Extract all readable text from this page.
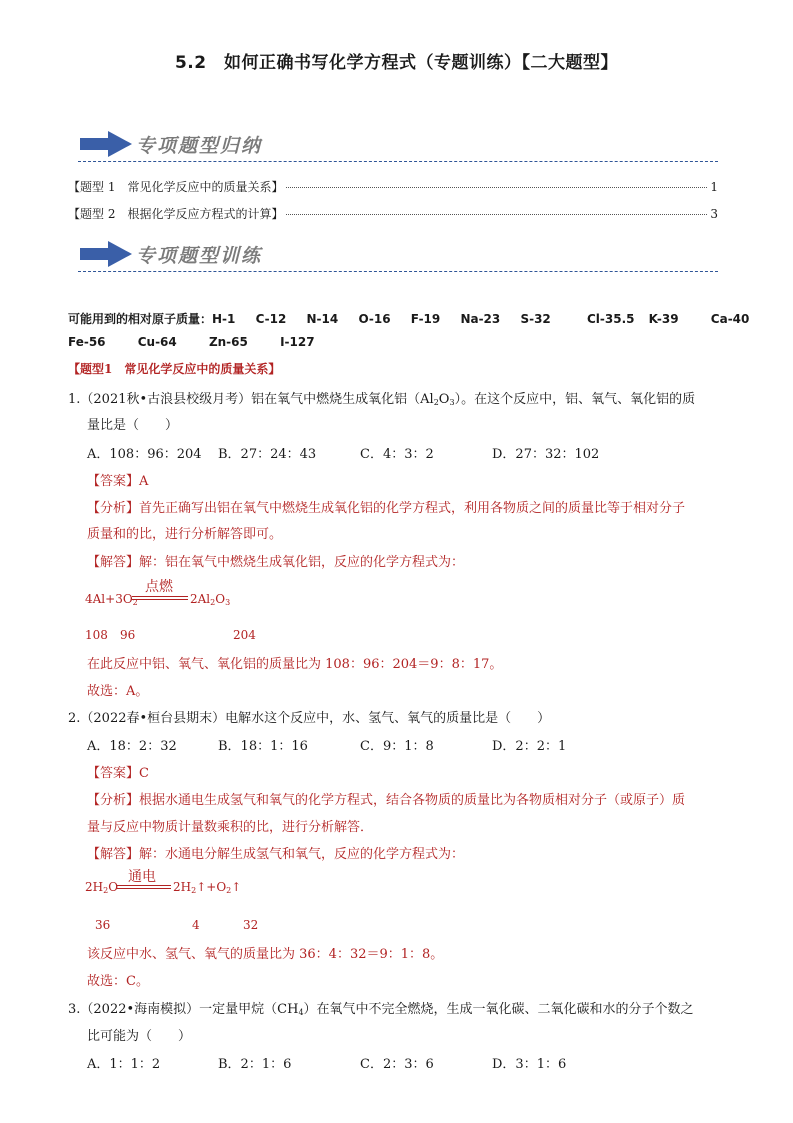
5.2　如何正确书写化学方程式（专题训练）【二大题型】
专项题型归纳
【题型 1　常见化学反应中的质量关系】	1
【题型 2　根据化学反应方程式的计算】	3
专项题型训练
可能用到的相对原子质量：H-1 C-12 N-14 O-16 F-19 Na-23 S-32	Cl-35.5 K-39	Ca-40
Fe-56	Cu-64	Zn-65	I-127
【题型1　常见化学反应中的质量关系】
1.（2021秋•古浪县校级月考）铝在氧气中燃烧生成氧化铝$(Al_2O_3)$。在这个反应中，铝、氧气、氧化铝的质
量比是（　　）
A．108：96：204 B．27：24：43	C．4：3：2	D．27：32：102
【答案】A
【分析】首先正确写出铝在氧气中燃烧生成氧化铝的化学方程式，利用各物质之间的质量比等于相对分子
质量和的比，进行分析解答即可。
【解答】解：铝在氧气中燃烧生成氧化铝，反应的化学方程式为：
$4Al+3O_2$
点燃
$2Al_2O_3$
108 96	204
在此反应中铝、氧气、氧化铝的质量比为 108：96：204＝9：8：17。
故选：A。
2.（2022春•桓台县期末）电解水这个反应中，水、氢气、氧气的质量比是（　　）
A．18：2：32	B．18：1：16	C．9：1：8	D．2：2：1
【答案】C
【分析】根据水通电生成氢气和氧气的化学方程式，结合各物质的质量比为各物质相对分子（或原子）质
量与反应中物质计量数乘积的比，进行分析解答．
【解答】解：水通电分解生成氢气和氧气，反应的化学方程式为：
$2H_2O$
通电
$2H_2↑+O_2↑$
36	4	32
该反应中水、氢气、氧气的质量比为 36：4：32＝9：1：8。
故选：C。
3.（2022•海南模拟）一定量甲烷$(CH_4)$在氧气中不完全燃烧，生成一氧化碳、二氧化碳和水的分子个数之
比可能为（　　）
A．1：1：2	B．2：1：6	C．2：3：6	D．3：1：6
